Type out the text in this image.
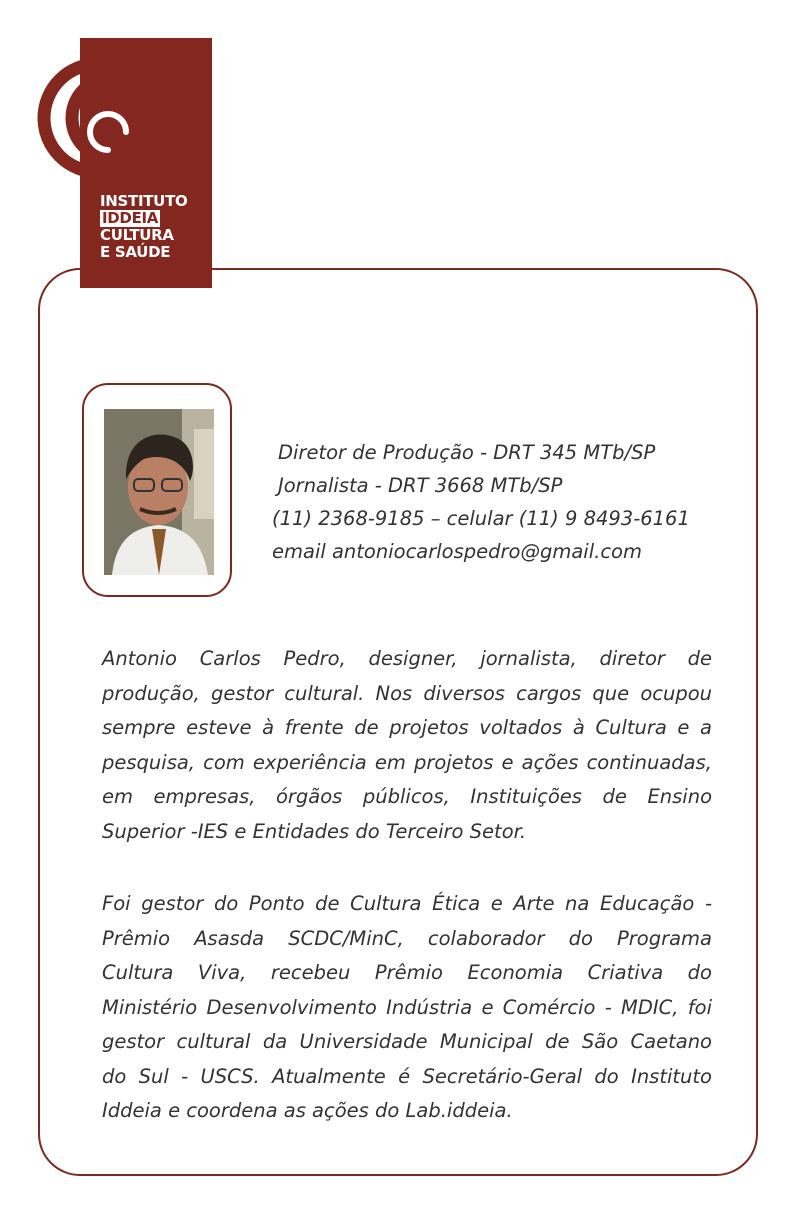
INSTITUTO
IDDEIA
CULTURA
E SAÚDE
Diretor de Produção - DRT 345 MTb/SP
Jornalista - DRT 3668 MTb/SP
(11) 2368-9185 – celular (11) 9 8493-6161
email antoniocarlospedro@gmail.com
Antonio Carlos Pedro, designer, jornalista, diretor de
produção, gestor cultural. Nos diversos cargos que ocupou
sempre esteve à frente de projetos voltados à Cultura e a
pesquisa, com experiência em projetos e ações continuadas,
em empresas, órgãos públicos, Instituições de Ensino
Superior -IES e Entidades do Terceiro Setor.
Foi gestor do Ponto de Cultura Ética e Arte na Educação -
Prêmio Asasda SCDC/MinC, colaborador do Programa
Cultura Viva, recebeu Prêmio Economia Criativa do
Ministério Desenvolvimento Indústria e Comércio - MDIC, foi
gestor cultural da Universidade Municipal de São Caetano
do Sul - USCS. Atualmente é Secretário-Geral do Instituto
Iddeia e coordena as ações do Lab.iddeia.
